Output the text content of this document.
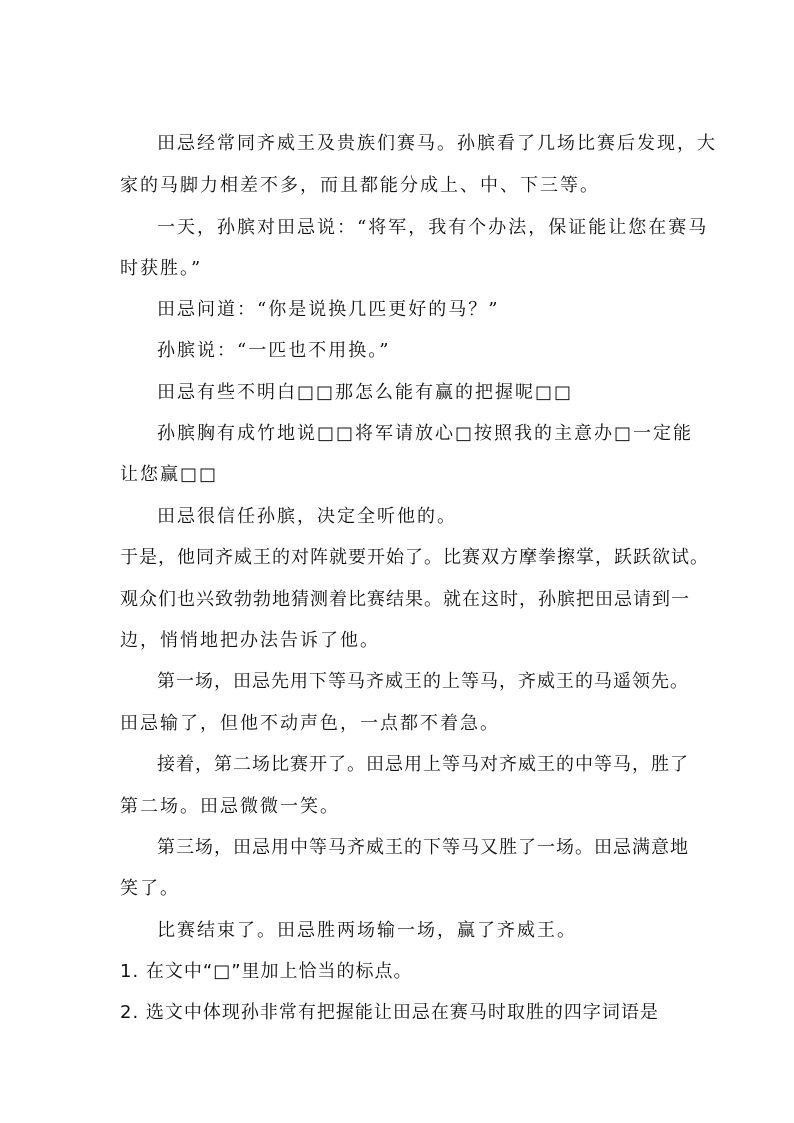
田忌经常同齐威王及贵族们赛马。孙膑看了几场比赛后发现，大
家的马脚力相差不多，而且都能分成上、中、下三等。
一天，孙膑对田忌说：“将军，我有个办法，保证能让您在赛马
时获胜。”
田忌问道：“你是说换几匹更好的马？”
孙膑说：“一匹也不用换。”
田忌有些不明白□□那怎么能有赢的把握呢□□
孙膑胸有成竹地说□□将军请放心□按照我的主意办□一定能
让您赢□□
田忌很信任孙膑，决定全听他的。
于是，他同齐威王的对阵就要开始了。比赛双方摩拳擦掌，跃跃欲试。
观众们也兴致勃勃地猜测着比赛结果。就在这时，孙膑把田忌请到一
边，悄悄地把办法告诉了他。
第一场，田忌先用下等马齐威王的上等马，齐威王的马遥领先。
田忌输了，但他不动声色，一点都不着急。
接着，第二场比赛开了。田忌用上等马对齐威王的中等马，胜了
第二场。田忌微微一笑。
第三场，田忌用中等马齐威王的下等马又胜了一场。田忌满意地
笑了。
比赛结束了。田忌胜两场输一场，赢了齐威王。
1. 在文中“□”里加上恰当的标点。
2. 选文中体现孙非常有把握能让田忌在赛马时取胜的四字词语是
